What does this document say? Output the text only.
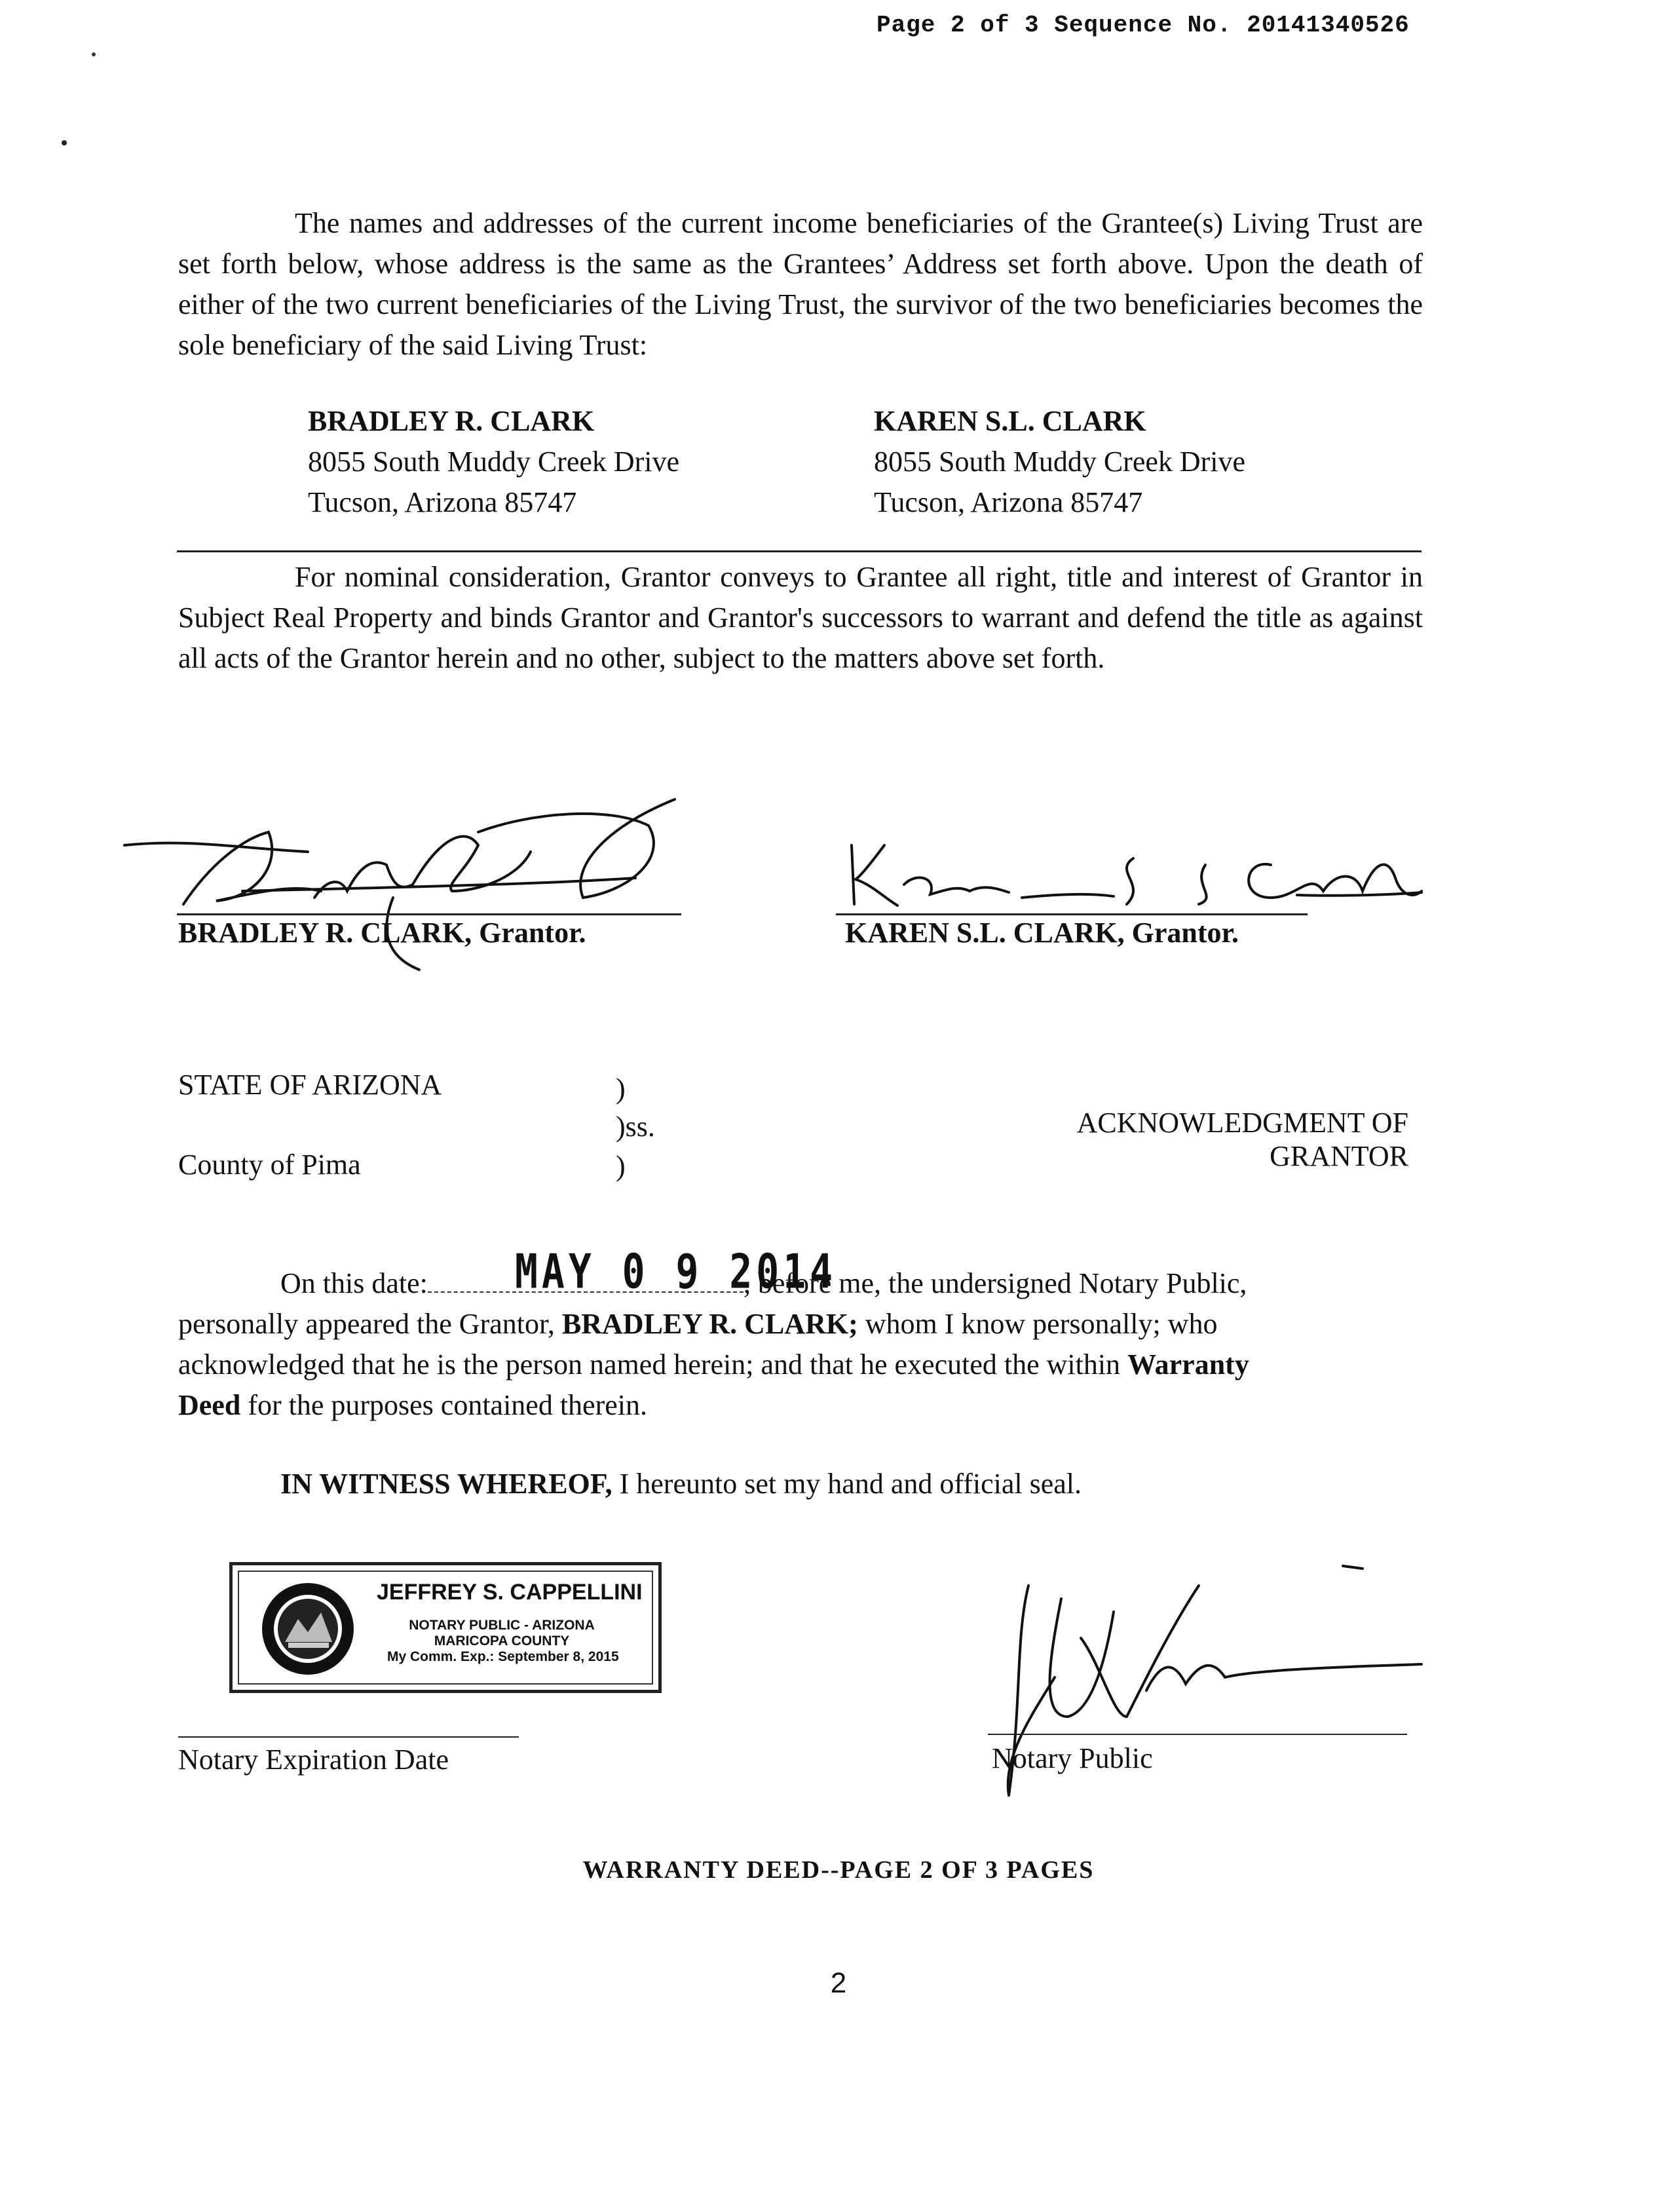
Page 2 of 3 Sequence No. 20141340526

The names and addresses of the current income beneficiaries of the Grantee(s) Living Trust are set forth below, whose address is the same as the Grantees’ Address set forth above. Upon the death of either of the two current beneficiaries of the Living Trust, the survivor of the two beneficiaries becomes the sole beneficiary of the said Living Trust:

BRADLEY R. CLARK
8055 South Muddy Creek Drive
Tucson, Arizona 85747
KAREN S.L. CLARK
8055 South Muddy Creek Drive
Tucson, Arizona 85747

For nominal consideration, Grantor conveys to Grantee all right, title and interest of Grantor in Subject Real Property and binds Grantor and Grantor's successors to warrant and defend the title as against all acts of the Grantor herein and no other, subject to the matters above set forth.

BRADLEY R. CLARK, Grantor.	KAREN S.L. CLARK, Grantor.
STATE OF ARIZONA
County of Pima
)
)ss.
)
ACKNOWLEDGMENT OF
GRANTOR
MAY 0 9 2014
On this date:	, before me, the undersigned Notary Public,
personally appeared the Grantor, BRADLEY R. CLARK; whom I know personally; who
acknowledged that he is the person named herein; and that he executed the within Warranty
Deed for the purposes contained therein.
IN WITNESS WHEREOF, I hereunto set my hand and official seal.
JEFFREY S. CAPPELLINI
NOTARY PUBLIC - ARIZONA
MARICOPA COUNTY
My Comm. Exp.: September 8, 2015
Notary Expiration Date	Notary Public
WARRANTY DEED--PAGE 2 OF 3 PAGES
2
